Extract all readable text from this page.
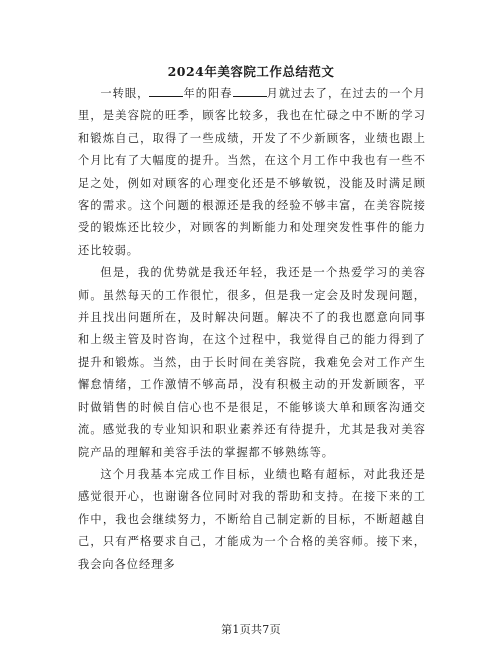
2024年美容院工作总结范文

一转眼，	年的阳春	月就过去了，在过去的一个月里，是美容院的旺季，顾客比较多，我也在忙碌之中不断的学习和锻炼自己，取得了一些成绩，开发了不少新顾客，业绩也跟上个月比有了大幅度的提升。当然，在这个月工作中我也有一些不足之处，例如对顾客的心理变化还是不够敏锐，没能及时满足顾客的需求。这个问题的根源还是我的经验不够丰富，在美容院接受的锻炼还比较少，对顾客的判断能力和处理突发性事件的能力还比较弱。

但是，我的优势就是我还年轻，我还是一个热爱学习的美容师。虽然每天的工作很忙，很多，但是我一定会及时发现问题，并且找出问题所在，及时解决问题。解决不了的我也愿意向同事和上级主管及时咨询，在这个过程中，我觉得自己的能力得到了提升和锻炼。当然，由于长时间在美容院，我难免会对工作产生懈怠情绪，工作激情不够高昂，没有积极主动的开发新顾客，平时做销售的时候自信心也不是很足，不能够谈大单和顾客沟通交流。感觉我的专业知识和职业素养还有待提升，尤其是我对美容院产品的理解和美容手法的掌握都不够熟练等。

这个月我基本完成工作目标，业绩也略有超标，对此我还是感觉很开心，也谢谢各位同时对我的帮助和支持。在接下来的工作中，我也会继续努力，不断给自己制定新的目标，不断超越自己，只有严格要求自己，才能成为一个合格的美容师。接下来，我会向各位经理多

第1页共7页
